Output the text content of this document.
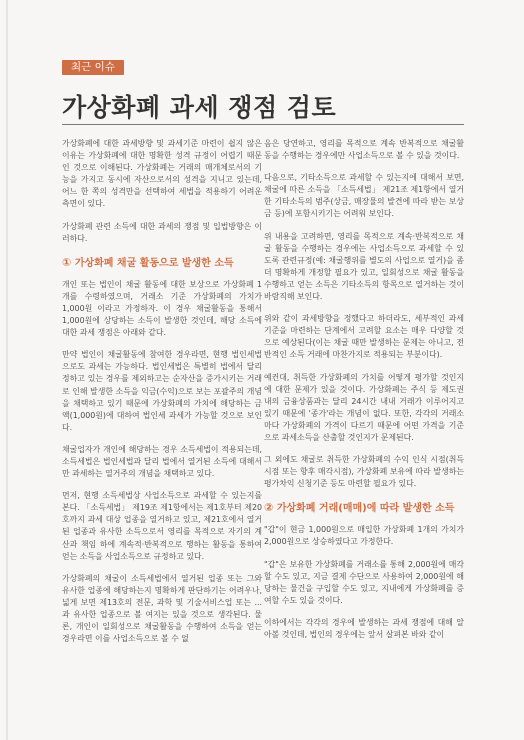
최근 이슈
가상화폐 과세 쟁점 검토

가상화폐에 대한 과세방향 및 과세기준 마련이 쉽지 않은 이유는 가상화폐에 대한 명확한 성격 규정이 어렵기 때문인 것으로 이해된다. 가상화폐는 거래의 매개체로서의 기능을 가지고 동시에 자산으로서의 성격을 지니고 있는데, 어느 한 쪽의 성격만을 선택하여 세법을 적용하기 어려운 측면이 있다.

가상화폐 관련 소득에 대한 과세의 쟁점 및 입법방향은 이러하다.

① 가상화폐 채굴 활동으로 발생한 소득

개인 또는 법인이 채굴 활동에 대한 보상으로 가상화폐 1개를 수령하였으며, 거래소 기준 가상화폐의 가치가 1,000원 이라고 가정하자. 이 경우 채굴활동을 통해서 1,000원에 상당하는 소득이 발생한 것인데, 해당 소득에 대한 과세 쟁점은 아래와 같다.

만약 법인이 채굴활동에 참여한 경우라면, 현행 법인세법으로도 과세는 가능하다. 법인세법은 특별히 법에서 달리 정하고 있는 경우를 제외하고는 순자산을 증가시키는 거래로 인해 발생한 소득을 익금(수익)으로 보는 포괄주의 개념을 채택하고 있기 때문에 가상화폐의 가치에 해당하는 금액(1,000원)에 대하여 법인세 과세가 가능할 것으로 보인다.

채굴업자가 개인에 해당하는 경우 소득세법이 적용되는데, 소득세법은 법인세법과 달리 법에서 열거된 소득에 대해서만 과세하는 열거주의 개념을 채택하고 있다.

먼저, 현행 소득세법상 사업소득으로 과세할 수 있는지를 본다. 「소득세법」 제19조 제1항에서는 제1호부터 제20호까지 과세 대상 업종을 열거하고 있고, 제21호에서 열거된 업종과 유사한 소득으로서 영리를 목적으로 자기의 계산과 책임 하에 계속적·반복적으로 행하는 활동을 통하여 얻는 소득을 사업소득으로 규정하고 있다.

가상화폐의 채굴이 소득세법에서 열거된 업종 또는 그와 유사한 업종에 해당하는지 명확하게 판단하기는 어려우나, 넓게 보면 제13호의 전문, 과학 및 기술서비스업 또는 ...과 유사한 업종으로 볼 여지는 있을 것으로 생각된다. 물론, 개인이 일회성으로 채굴활동을 수행하여 소득을 얻는 경우라면 이를 사업소득으로 볼 수 없

음은 당연하고, 영리를 목적으로 계속 반복적으로 채굴활동을 수행하는 경우에만 사업소득으로 볼 수 있을 것이다.

다음으로, 기타소득으로 과세할 수 있는지에 대해서 보면, 채굴에 따른 소득을 「소득세법」 제21조 제1항에서 열거한 기타소득의 범주(상금, 매장물의 발견에 따라 받는 보상금 등)에 포함시키기는 어려워 보인다.

위 내용을 고려하면, 영리를 목적으로 계속·반복적으로 채굴 활동을 수행하는 경우에는 사업소득으로 과세할 수 있도록 관련규정(예: 채굴행위를 별도의 사업으로 열거)을 좀 더 명확하게 개정할 필요가 있고, 일회성으로 채굴 활동을 수행하고 얻는 소득은 기타소득의 항목으로 열거하는 것이 바람직해 보인다.

위와 같이 과세방향을 정했다고 하더라도, 세부적인 과세기준을 마련하는 단계에서 고려할 요소는 매우 다양할 것으로 예상된다(이는 채굴 때만 발생하는 문제는 아니고, 전반적인 소득 거래에 마찬가지로 적용되는 부분이다).

예컨대, 취득한 가상화폐의 가치를 어떻게 평가할 것인지에 대한 문제가 있을 것이다. 가상화폐는 주식 등 제도권 내의 금융상품과는 달리 24시간 내내 거래가 이루어지고 있기 때문에 '종가'라는 개념이 없다. 또한, 각각의 거래소마다 가상화폐의 가격이 다르기 때문에 어떤 가격을 기준으로 과세소득을 산출할 것인지가 문제된다.

그 외에도 채굴로 취득한 가상화폐의 수익 인식 시점(취득시점 또는 향후 매각시점), 가상화폐 보유에 따라 발생하는 평가차익 신청기준 등도 마련할 필요가 있다.

② 가상화폐 거래(매매)에 따라 발생한 소득

"갑"이 현금 1,000원으로 매입한 가상화폐 1개의 가치가 2,000원으로 상승하였다고 가정한다.

"갑"은 보유한 가상화폐를 거래소를 통해 2,000원에 매각할 수도 있고, 지금 결제 수단으로 사용하여 2,000원에 해당하는 물건을 구입할 수도 있고, 지내에게 가상화폐를 증여할 수도 있을 것이다.

이하에서는 각각의 경우에 발생하는 과세 쟁점에 대해 알아볼 것인데, 법인의 경우에는 앞서 살펴본 바와 같이
